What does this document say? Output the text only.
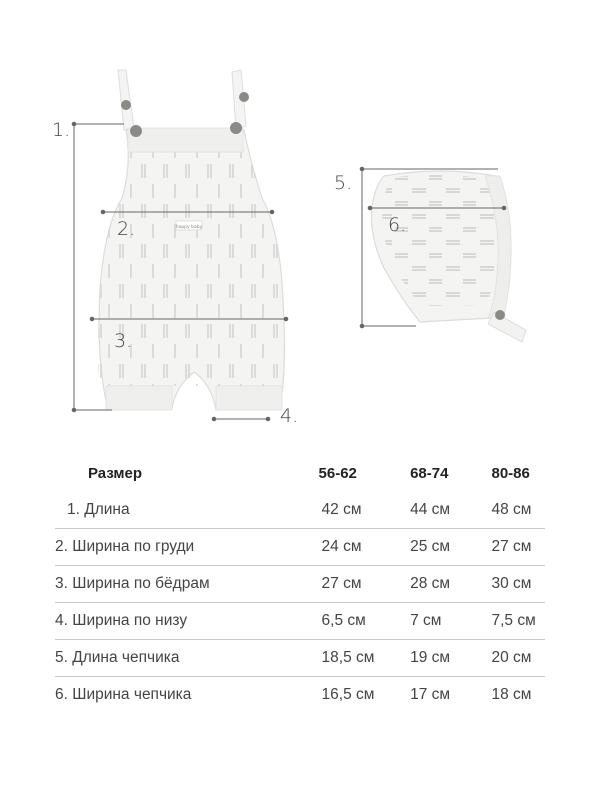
happy baby
1.
2.
3.
4.
5.
6.
Размер	56-62	68-74	80-86
1. Длина	42 см	44 см	48 см
2. Ширина по груди	24 см	25 см	27 см
3. Ширина по бёдрам	27 см	28 см	30 см
4. Ширина по низу	6,5 см	7 см	7,5 см
5. Длина чепчика	18,5 см	19 см	20 см
6. Ширина чепчика	16,5 см	17 см	18 см
